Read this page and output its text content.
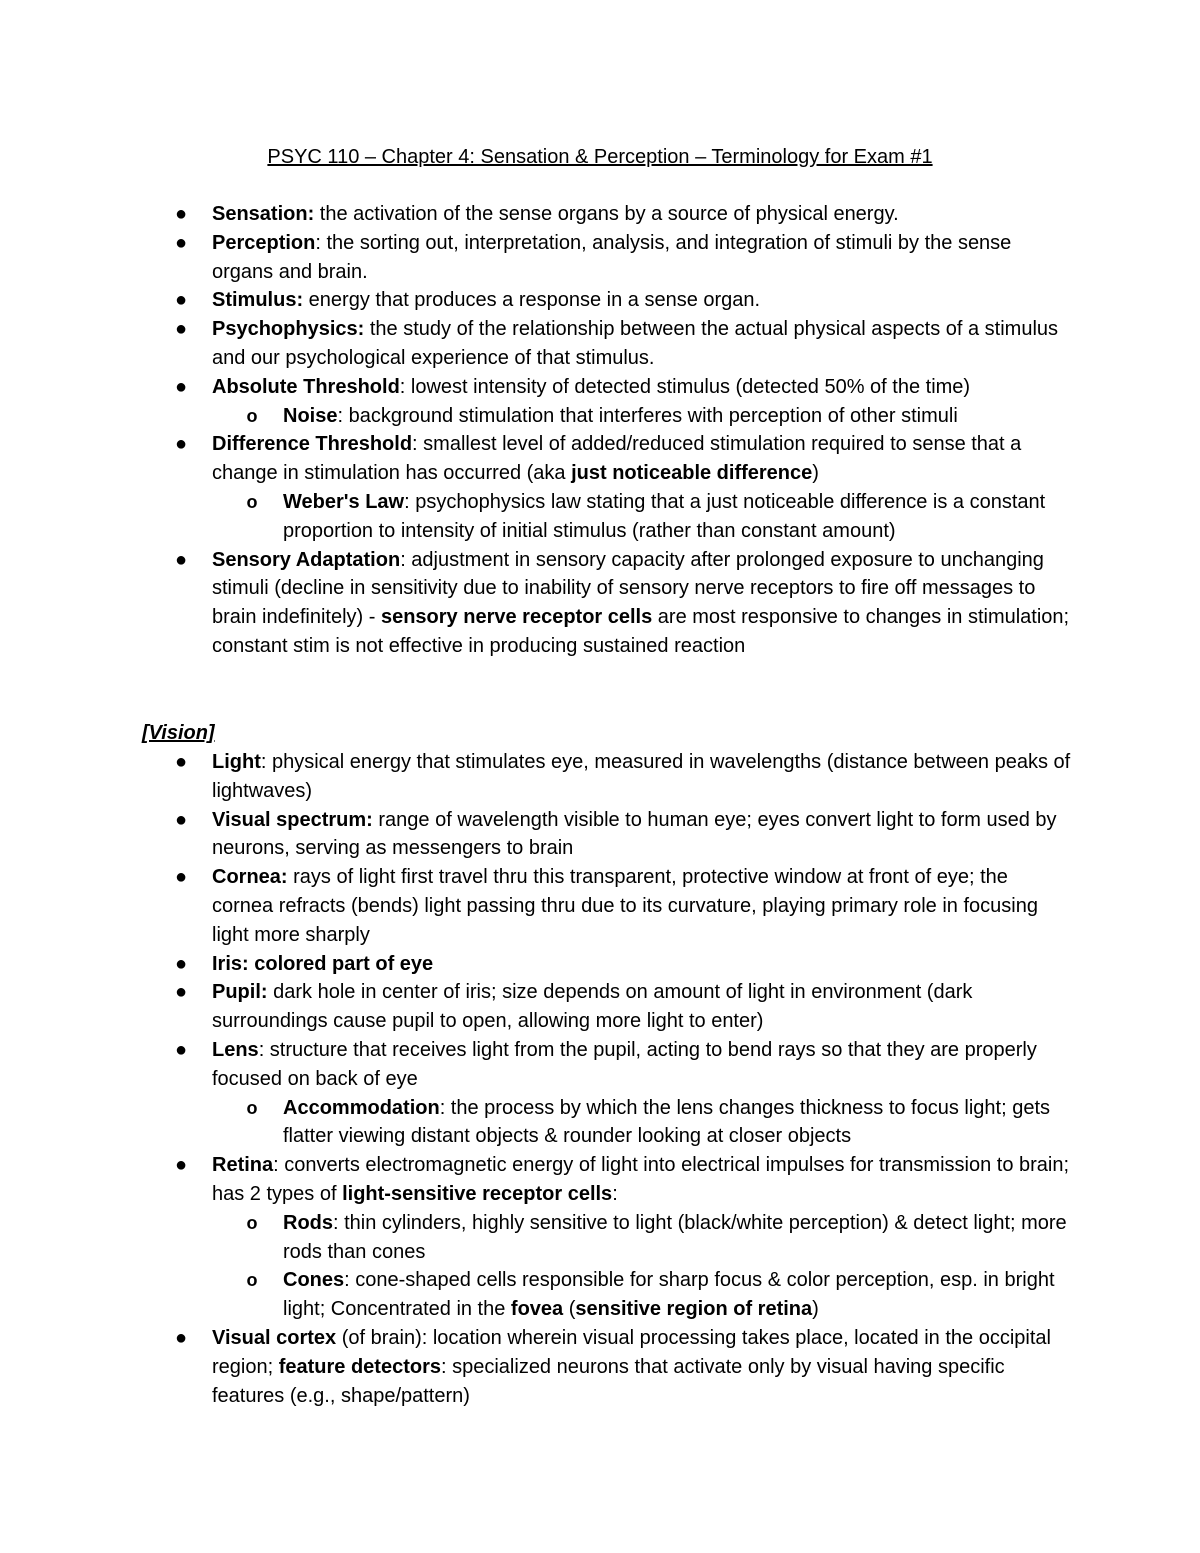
PSYC 110 – Chapter 4: Sensation & Perception – Terminology for Exam #1
● Sensation: the activation of the sense organs by a source of physical energy.
● Perception: the sorting out, interpretation, analysis, and integration of stimuli by the sense organs and brain.
● Stimulus: energy that produces a response in a sense organ.
● Psychophysics: the study of the relationship between the actual physical aspects of a stimulus and our psychological experience of that stimulus.
● Absolute Threshold: lowest intensity of detected stimulus (detected 50% of the time)
o Noise: background stimulation that interferes with perception of other stimuli
● Difference Threshold: smallest level of added/reduced stimulation required to sense that a change in stimulation has occurred (aka just noticeable difference)
o Weber's Law: psychophysics law stating that a just noticeable difference is a constant proportion to intensity of initial stimulus (rather than constant amount)
● Sensory Adaptation: adjustment in sensory capacity after prolonged exposure to unchanging stimuli (decline in sensitivity due to inability of sensory nerve receptors to fire off messages to brain indefinitely) - sensory nerve receptor cells are most responsive to changes in stimulation; constant stim is not effective in producing sustained reaction
[Vision]
● Light: physical energy that stimulates eye, measured in wavelengths (distance between peaks of lightwaves)
● Visual spectrum: range of wavelength visible to human eye; eyes convert light to form used by neurons, serving as messengers to brain
● Cornea: rays of light first travel thru this transparent, protective window at front of eye; the cornea refracts (bends) light passing thru due to its curvature, playing primary role in focusing light more sharply
● Iris: colored part of eye
● Pupil: dark hole in center of iris; size depends on amount of light in environment (dark surroundings cause pupil to open, allowing more light to enter)
● Lens: structure that receives light from the pupil, acting to bend rays so that they are properly focused on back of eye
o Accommodation: the process by which the lens changes thickness to focus light; gets flatter viewing distant objects & rounder looking at closer objects
● Retina: converts electromagnetic energy of light into electrical impulses for transmission to brain; has 2 types of light-sensitive receptor cells:
o Rods: thin cylinders, highly sensitive to light (black/white perception) & detect light; more rods than cones
o Cones: cone-shaped cells responsible for sharp focus & color perception, esp. in bright light; Concentrated in the fovea (sensitive region of retina)
● Visual cortex (of brain): location wherein visual processing takes place, located in the occipital region; feature detectors: specialized neurons that activate only by visual having specific features (e.g., shape/pattern)
